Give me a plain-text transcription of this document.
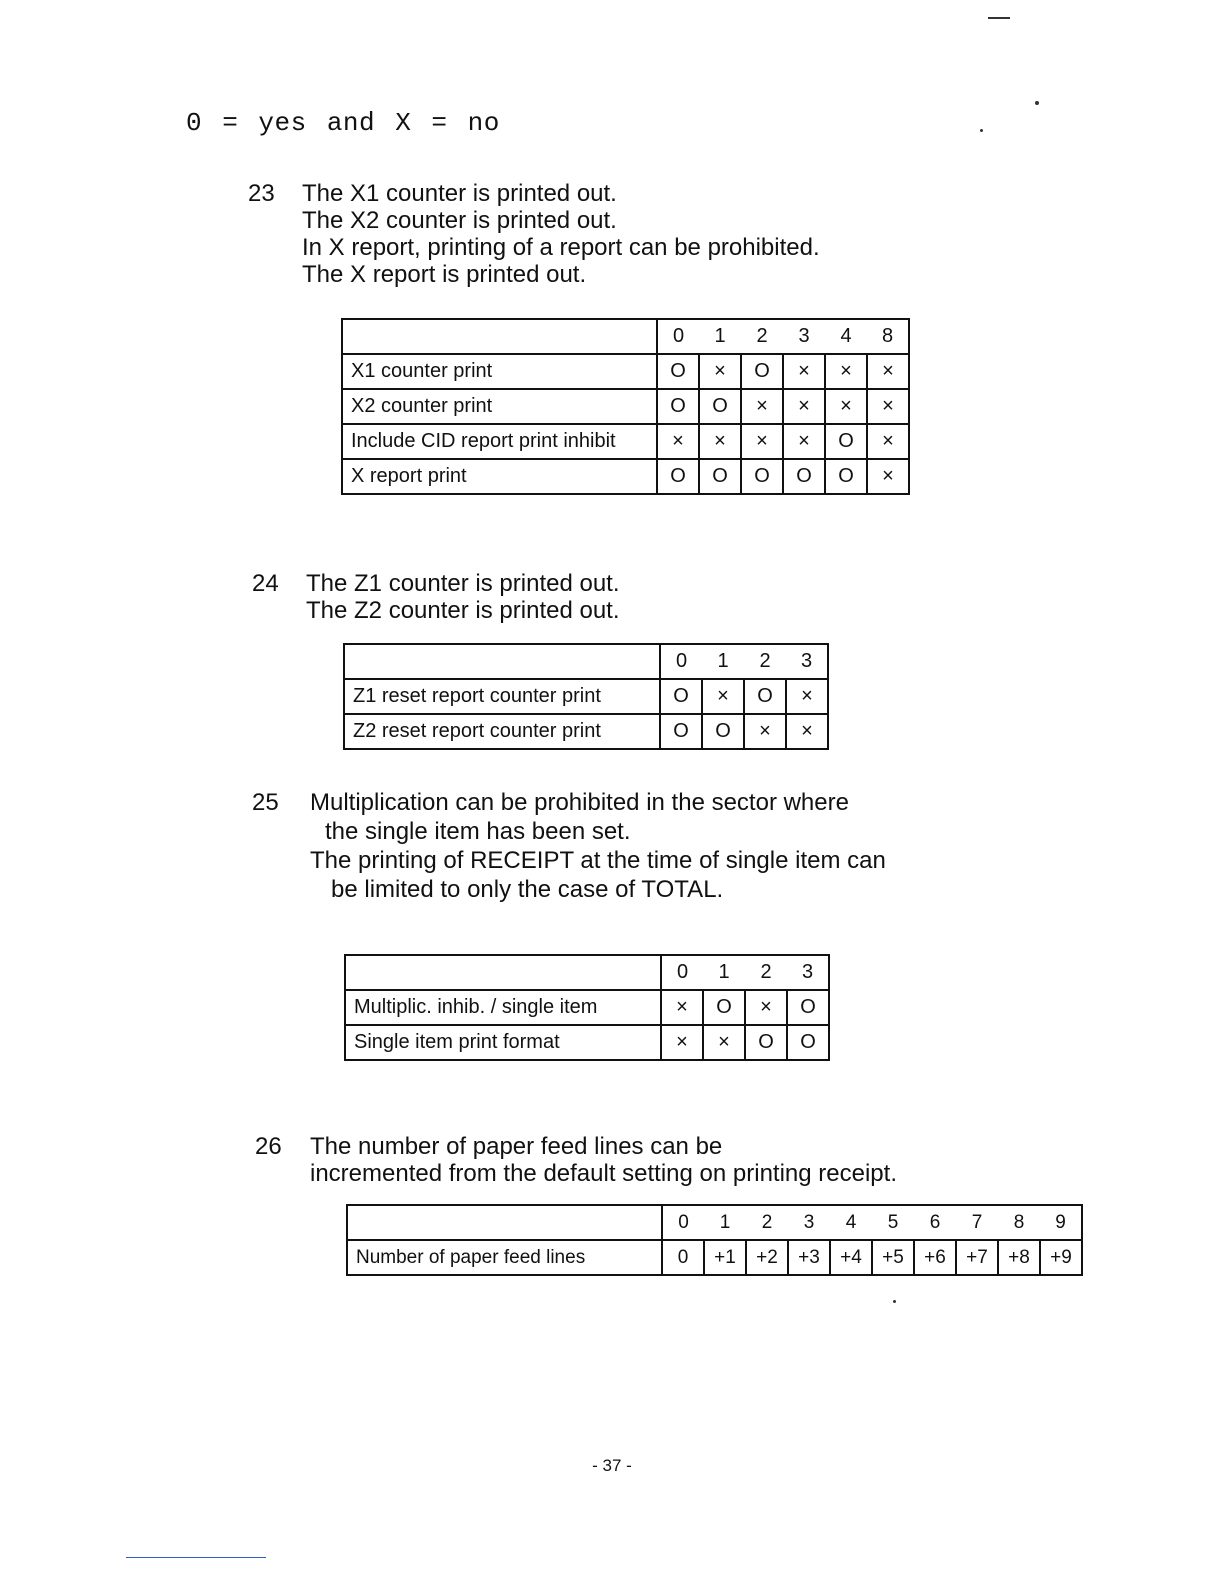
0 = yes and X = no
23 The X1 counter is printed out.
The X2 counter is printed out.
In X report, printing of a report can be prohibited.
The X report is printed out.
	0	1	2	3	4	8
X1 counter print	O	×	O	×	×	×
X2 counter print	O	O	×	×	×	×
Include CID report print inhibit	×	×	×	×	O	×
X report print	O	O	O	O	O	×
24 The Z1 counter is printed out.
The Z2 counter is printed out.
	0	1	2	3
Z1 reset report counter print	O	×	O	×
Z2 reset report counter print	O	O	×	×
25 Multiplication can be prohibited in the sector where
the single item has been set.
The printing of RECEIPT at the time of single item can
be limited to only the case of TOTAL.
	0	1	2	3
Multiplic. inhib. / single item	×	O	×	O
Single item print format	×	×	O	O
26 The number of paper feed lines can be
incremented from the default setting on printing receipt.
	0	1	2	3	4	5	6	7	8	9
Number of paper feed lines	0	+1	+2	+3	+4	+5	+6	+7	+8	+9
- 37 -
